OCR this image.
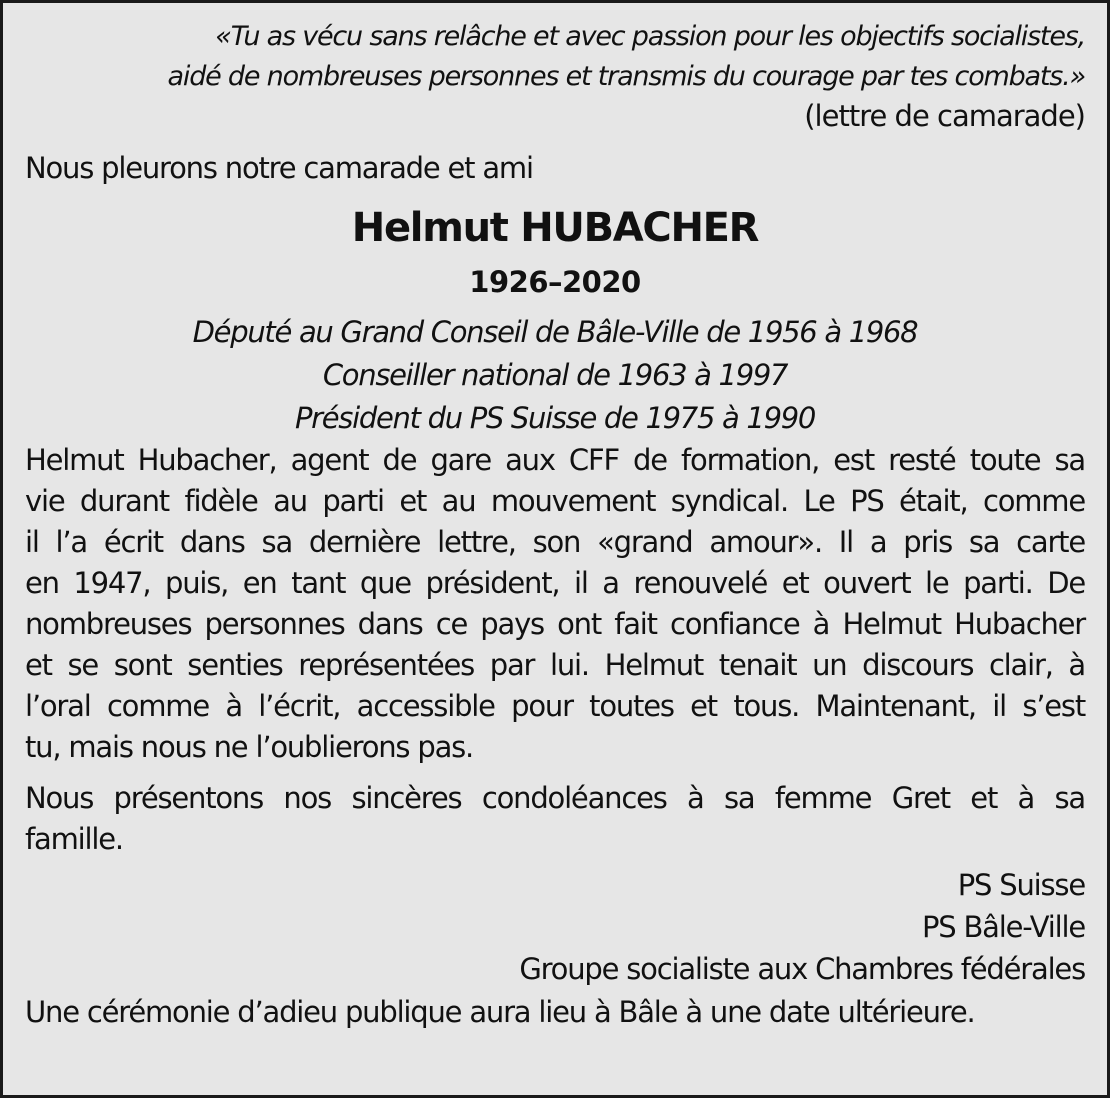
«Tu as vécu sans relâche et avec passion pour les objectifs socialistes,
aidé de nombreuses personnes et transmis du courage par tes combats.»
(lettre de camarade)
Nous pleurons notre camarade et ami
Helmut HUBACHER
1926–2020
Député au Grand Conseil de Bâle-Ville de 1956 à 1968
Conseiller national de 1963 à 1997
Président du PS Suisse de 1975 à 1990
Helmut Hubacher, agent de gare aux CFF de formation, est resté toute sa
vie durant fidèle au parti et au mouvement syndical. Le PS était, comme
il l’a écrit dans sa dernière lettre, son «grand amour». Il a pris sa carte
en 1947, puis, en tant que président, il a renouvelé et ouvert le parti. De
nombreuses personnes dans ce pays ont fait confiance à Helmut Hubacher
et se sont senties représentées par lui. Helmut tenait un discours clair, à
l’oral comme à l’écrit, accessible pour toutes et tous. Maintenant, il s’est
tu, mais nous ne l’oublierons pas.
Nous présentons nos sincères condoléances à sa femme Gret et à sa
famille.
PS Suisse
PS Bâle-Ville
Groupe socialiste aux Chambres fédérales
Une cérémonie d’adieu publique aura lieu à Bâle à une date ultérieure.
